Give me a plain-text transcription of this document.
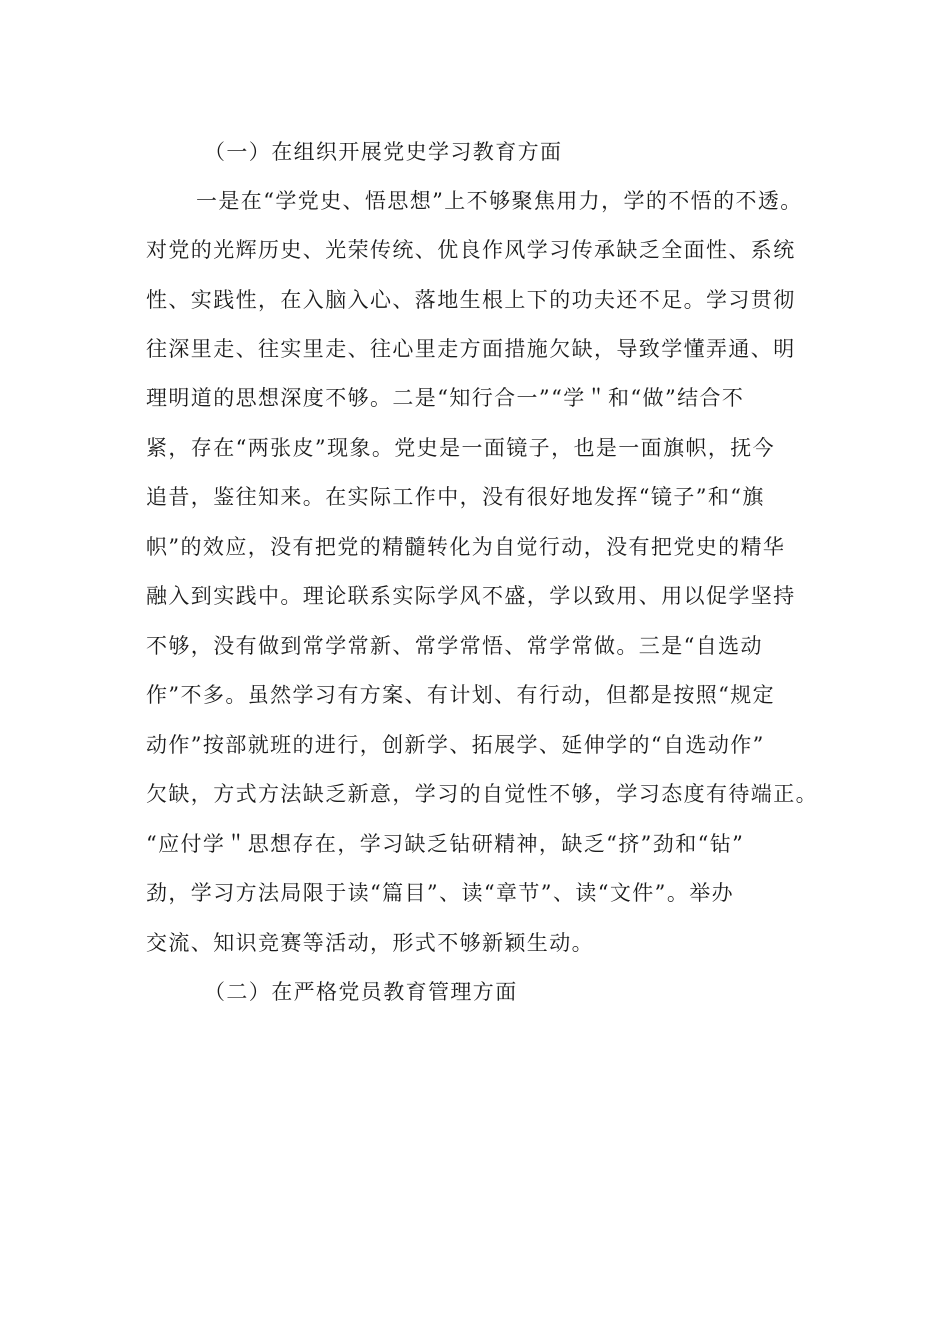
（一）在组织开展党史学习教育方面
一是在“学党史、悟思想”上不够聚焦用力，学的不悟的不透。
对党的光辉历史、光荣传统、优良作风学习传承缺乏全面性、系统
性、实践性，在入脑入心、落地生根上下的功夫还不足。学习贯彻
往深里走、往实里走、往心里走方面措施欠缺，导致学懂弄通、明
理明道的思想深度不够。二是“知行合一”“学＂和“做”结合不
紧，存在“两张皮”现象。党史是一面镜子，也是一面旗帜，抚今
追昔，鉴往知来。在实际工作中，没有很好地发挥“镜子”和“旗
帜”的效应，没有把党的精髓转化为自觉行动，没有把党史的精华
融入到实践中。理论联系实际学风不盛，学以致用、用以促学坚持
不够，没有做到常学常新、常学常悟、常学常做。三是“自选动
作”不多。虽然学习有方案、有计划、有行动，但都是按照“规定
动作”按部就班的进行，创新学、拓展学、延伸学的“自选动作”
欠缺，方式方法缺乏新意，学习的自觉性不够，学习态度有待端正。
“应付学＂思想存在，学习缺乏钻研精神，缺乏“挤”劲和“钻”
劲，学习方法局限于读“篇目”、读“章节”、读“文件”。举办
交流、知识竞赛等活动，形式不够新颖生动。
（二）在严格党员教育管理方面
